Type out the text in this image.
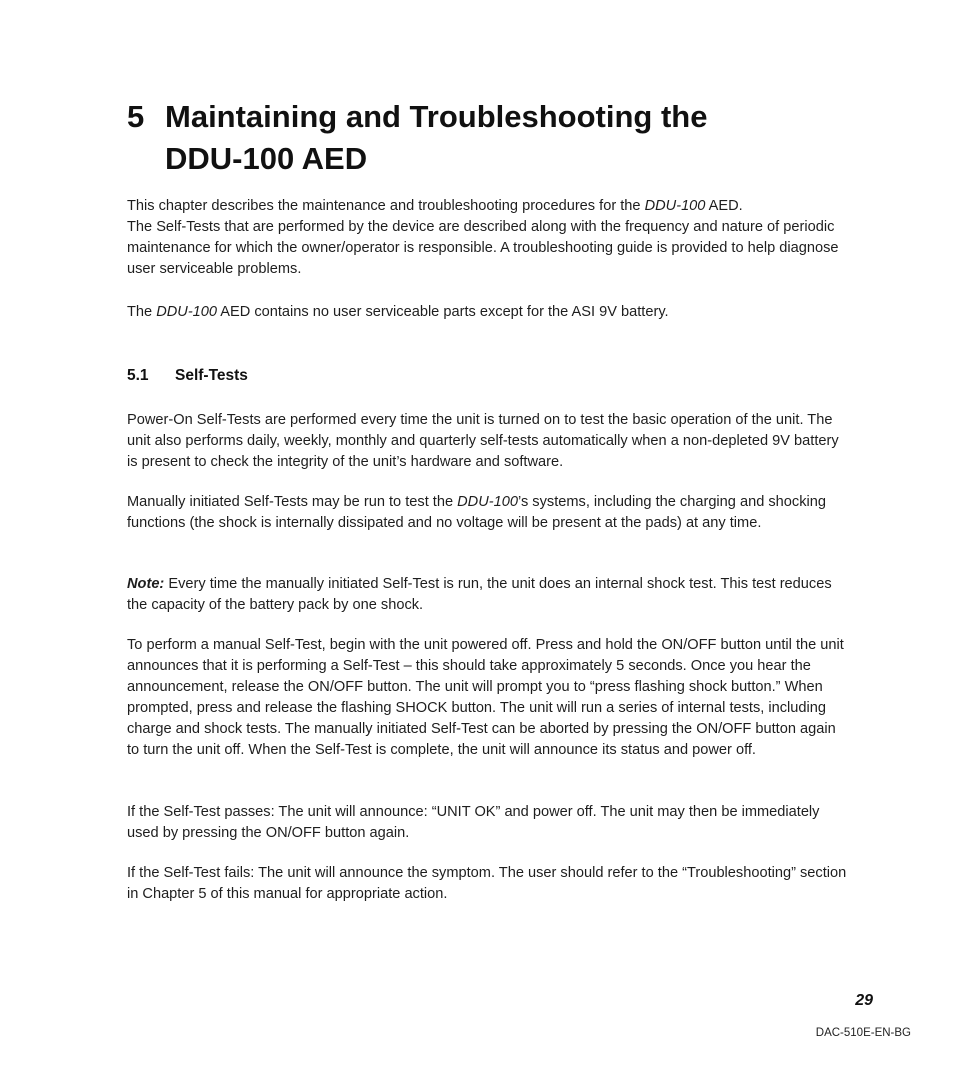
5 Maintaining and Troubleshooting the
DDU-100 AED

This chapter describes the maintenance and troubleshooting procedures for the DDU-100 AED.
The Self-Tests that are performed by the device are described along with the frequency and nature of periodic maintenance for which the owner/operator is responsible. A troubleshooting guide is provided to help diagnose user serviceable problems.

The DDU-100 AED contains no user serviceable parts except for the ASI 9V battery.

5.1 Self-Tests

Power-On Self-Tests are performed every time the unit is turned on to test the basic operation of the unit. The unit also performs daily, weekly, monthly and quarterly self-tests automatically when a non-depleted 9V battery is present to check the integrity of the unit’s hardware and software.

Manually initiated Self-Tests may be run to test the DDU-100’s systems, including the charging and shocking functions (the shock is internally dissipated and no voltage will be present at the pads) at any time.

Note: Every time the manually initiated Self-Test is run, the unit does an internal shock test. This test reduces the capacity of the battery pack by one shock.

To perform a manual Self-Test, begin with the unit powered off. Press and hold the ON/OFF button until the unit announces that it is performing a Self-Test – this should take approximately 5 seconds. Once you hear the announcement, release the ON/OFF button. The unit will prompt you to “press flashing shock button.” When prompted, press and release the flashing SHOCK button. The unit will run a series of internal tests, including charge and shock tests. The manually initiated Self-Test can be aborted by pressing the ON/OFF button again to turn the unit off. When the Self-Test is complete, the unit will announce its status and power off.

If the Self-Test passes: The unit will announce: “UNIT OK” and power off. The unit may then be immediately used by pressing the ON/OFF button again.

If the Self-Test fails: The unit will announce the symptom. The user should refer to the “Troubleshooting” section in Chapter 5 of this manual for appropriate action.

29
DAC-510E-EN-BG
